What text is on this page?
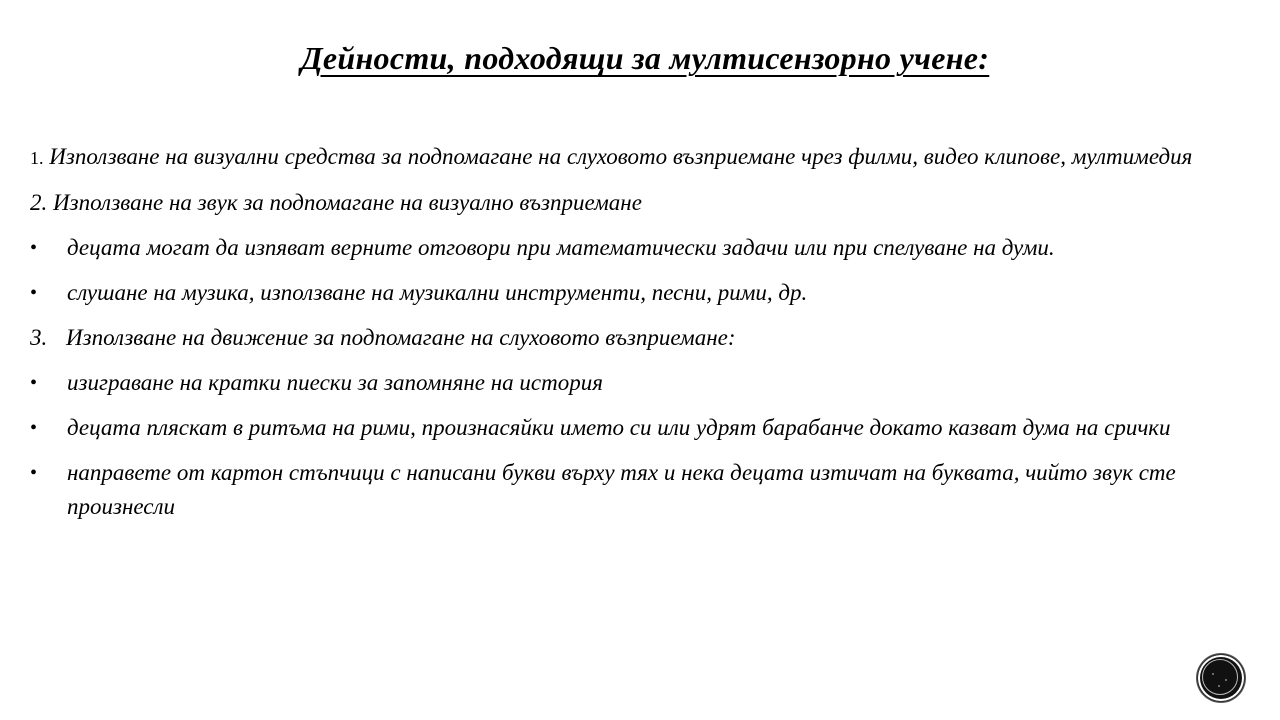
Дейности, подходящи за мултисензорно учене:

1. Използване на визуални средства за подпомагане на слуховото възприемане чрез филми, видео клипове, мултимедия

2. Използване на звук за подпомагане на визуално възприемане

• децата могат да изпяват верните отговори при математически задачи или при спелуване на думи.
• слушане на музика, използване на музикални инструменти, песни, рими, др.

3. Използване на движение за подпомагане на слуховото възприемане:

• изиграване на кратки пиески за запомняне на история
• децата пляскат в ритъма на рими, произнасяйки името си или удрят барабанче докато казват дума на срички
• направете от картон стъпчици с написани букви върху тях и нека децата изтичат на буквата, чийто звук сте произнесли
